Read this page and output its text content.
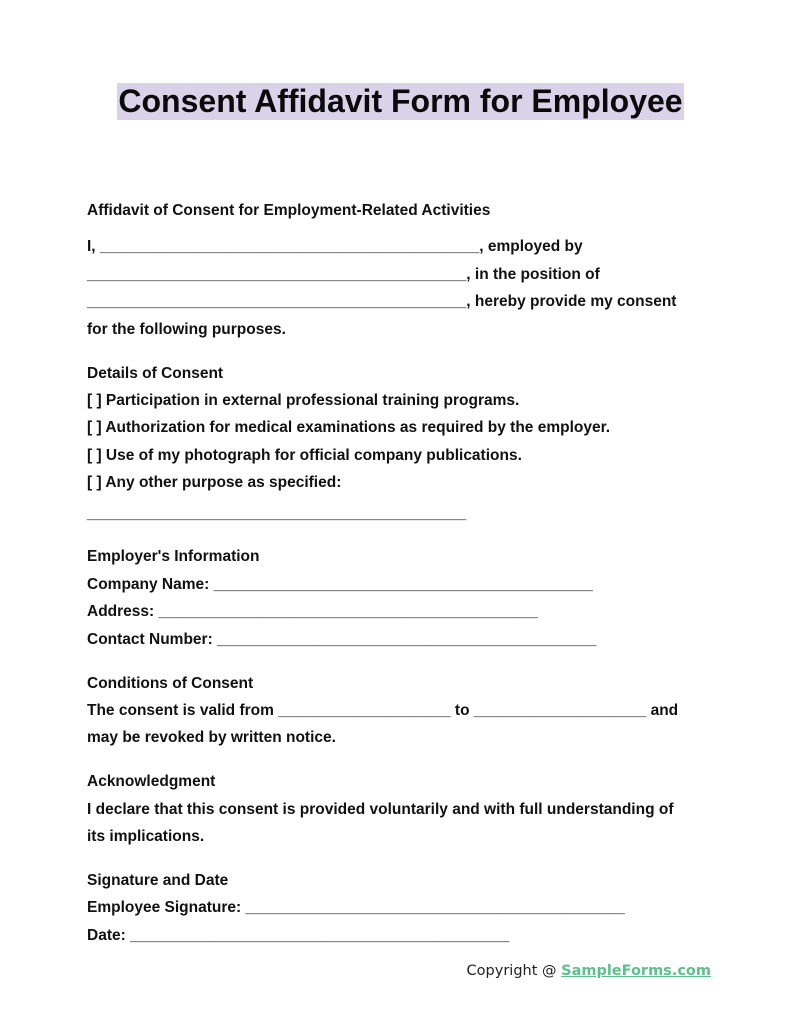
Consent Affidavit Form for Employee

Affidavit of Consent for Employment-Related Activities

I, ____________________________________________, employed by

____________________________________________, in the position of

____________________________________________, hereby provide my consent

for the following purposes.

Details of Consent

[ ] Participation in external professional training programs.

[ ] Authorization for medical examinations as required by the employer.

[ ] Use of my photograph for official company publications.

[ ] Any other purpose as specified:

____________________________________________

Employer's Information

Company Name: ____________________________________________

Address: ____________________________________________

Contact Number: ____________________________________________

Conditions of Consent

The consent is valid from ____________________ to ____________________ and

may be revoked by written notice.

Acknowledgment

I declare that this consent is provided voluntarily and with full understanding of

its implications.

Signature and Date

Employee Signature: ____________________________________________

Date: ____________________________________________

Copyright @ SampleForms.com
